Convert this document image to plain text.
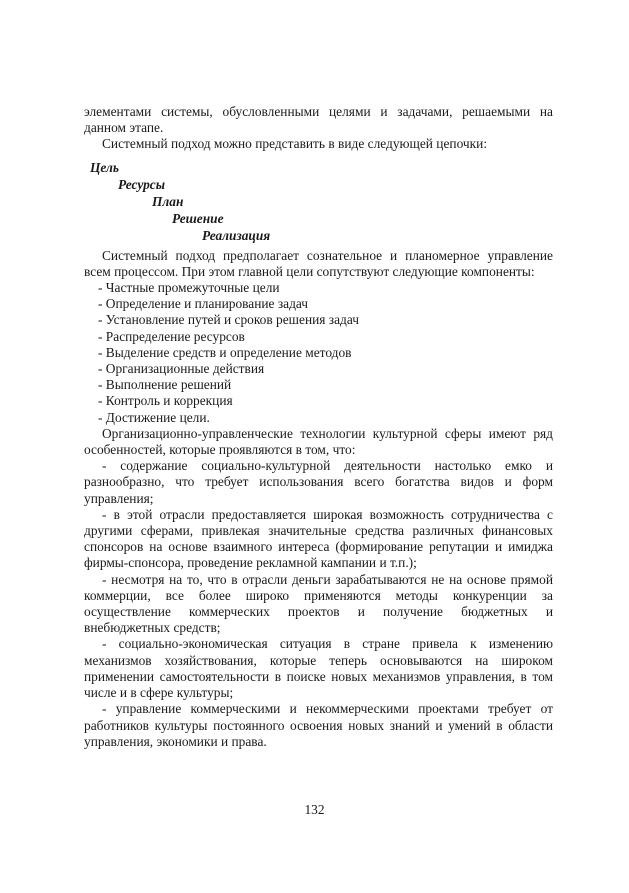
элементами системы, обусловленными целями и задачами, решаемыми на данном этапе.

Системный подход можно представить в виде следующей цепочки:

Цель
Ресурсы
План
Решение
Реализация

Системный подход предполагает сознательное и планомерное управление всем процессом. При этом главной цели сопутствуют следующие компоненты:

- Частные промежуточные цели
- Определение и планирование задач
- Установление путей и сроков решения задач
- Распределение ресурсов
- Выделение средств и определение методов
- Организационные действия
- Выполнение решений
- Контроль и коррекция
- Достижение цели.

Организационно-управленческие технологии культурной сферы имеют ряд особенностей, которые проявляются в том, что:

- содержание социально-культурной деятельности настолько емко и разнообразно, что требует использования всего богатства видов и форм управления;

- в этой отрасли предоставляется широкая возможность сотрудничества с другими сферами, привлекая значительные средства различных финансовых спонсоров на основе взаимного интереса (формирование репутации и имиджа фирмы-спонсора, проведение рекламной кампании и т.п.);

- несмотря на то, что в отрасли деньги зарабатываются не на основе прямой коммерции, все более широко применяются методы конкуренции за осуществление коммерческих проектов и получение бюджетных и внебюджетных средств;

- социально-экономическая ситуация в стране привела к изменению механизмов хозяйствования, которые теперь основываются на широком применении самостоятельности в поиске новых механизмов управления, в том числе и в сфере культуры;

- управление коммерческими и некоммерческими проектами требует от работников культуры постоянного освоения новых знаний и умений в области управления, экономики и права.

132
